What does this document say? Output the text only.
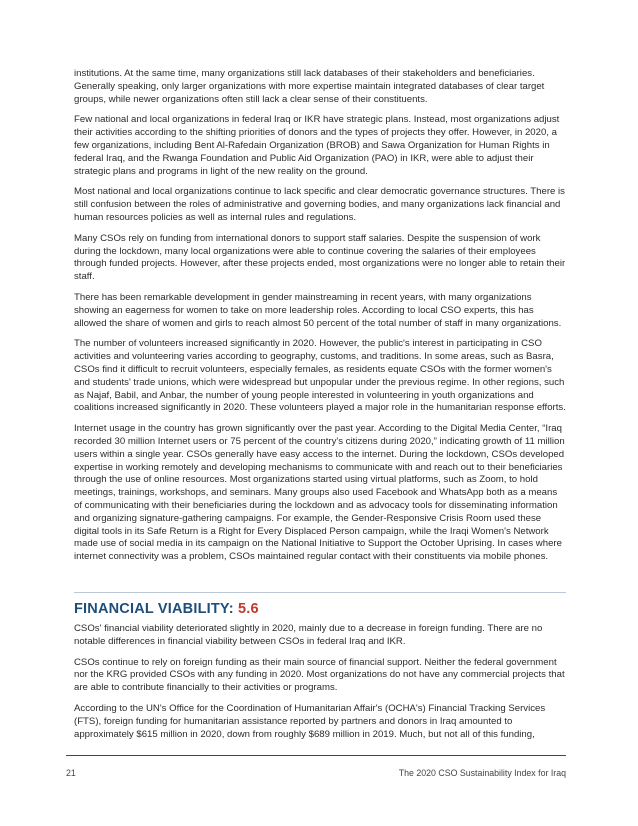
institutions. At the same time, many organizations still lack databases of their stakeholders and beneficiaries. Generally speaking, only larger organizations with more expertise maintain integrated databases of clear target groups, while newer organizations often still lack a clear sense of their constituents.

Few national and local organizations in federal Iraq or IKR have strategic plans. Instead, most organizations adjust their activities according to the shifting priorities of donors and the types of projects they offer. However, in 2020, a few organizations, including Bent Al-Rafedain Organization (BROB) and Sawa Organization for Human Rights in federal Iraq, and the Rwanga Foundation and Public Aid Organization (PAO) in IKR, were able to adjust their strategic plans and programs in light of the new reality on the ground.

Most national and local organizations continue to lack specific and clear democratic governance structures. There is still confusion between the roles of administrative and governing bodies, and many organizations lack financial and human resources policies as well as internal rules and regulations.

Many CSOs rely on funding from international donors to support staff salaries. Despite the suspension of work during the lockdown, many local organizations were able to continue covering the salaries of their employees through funded projects. However, after these projects ended, most organizations were no longer able to retain their staff.

There has been remarkable development in gender mainstreaming in recent years, with many organizations showing an eagerness for women to take on more leadership roles. According to local CSO experts, this has allowed the share of women and girls to reach almost 50 percent of the total number of staff in many organizations.

The number of volunteers increased significantly in 2020. However, the public's interest in participating in CSO activities and volunteering varies according to geography, customs, and traditions. In some areas, such as Basra, CSOs find it difficult to recruit volunteers, especially females, as residents equate CSOs with the former women's and students' trade unions, which were widespread but unpopular under the previous regime. In other regions, such as Najaf, Babil, and Anbar, the number of young people interested in volunteering in youth organizations and coalitions increased significantly in 2020. These volunteers played a major role in the humanitarian response efforts.

Internet usage in the country has grown significantly over the past year. According to the Digital Media Center, “Iraq recorded 30 million Internet users or 75 percent of the country's citizens during 2020,” indicating growth of 11 million users within a single year. CSOs generally have easy access to the internet. During the lockdown, CSOs developed expertise in working remotely and developing mechanisms to communicate with and reach out to their beneficiaries through the use of online resources. Most organizations started using virtual platforms, such as Zoom, to hold meetings, trainings, workshops, and seminars. Many groups also used Facebook and WhatsApp both as a means of communicating with their beneficiaries during the lockdown and as advocacy tools for disseminating information and organizing signature-gathering campaigns. For example, the Gender-Responsive Crisis Room used these digital tools in its Safe Return is a Right for Every Displaced Person campaign, while the Iraqi Women's Network made use of social media in its campaign on the National Initiative to Support the October Uprising. In cases where internet connectivity was a problem, CSOs maintained regular contact with their constituents via mobile phones.

FINANCIAL VIABILITY: 5.6

CSOs' financial viability deteriorated slightly in 2020, mainly due to a decrease in foreign funding. There are no notable differences in financial viability between CSOs in federal Iraq and IKR.

CSOs continue to rely on foreign funding as their main source of financial support. Neither the federal government nor the KRG provided CSOs with any funding in 2020. Most organizations do not have any commercial projects that are able to contribute financially to their activities or programs.

According to the UN's Office for the Coordination of Humanitarian Affair's (OCHA's) Financial Tracking Services (FTS), foreign funding for humanitarian assistance reported by partners and donors in Iraq amounted to approximately $615 million in 2020, down from roughly $689 million in 2019. Much, but not all of this funding,

21	The 2020 CSO Sustainability Index for Iraq
